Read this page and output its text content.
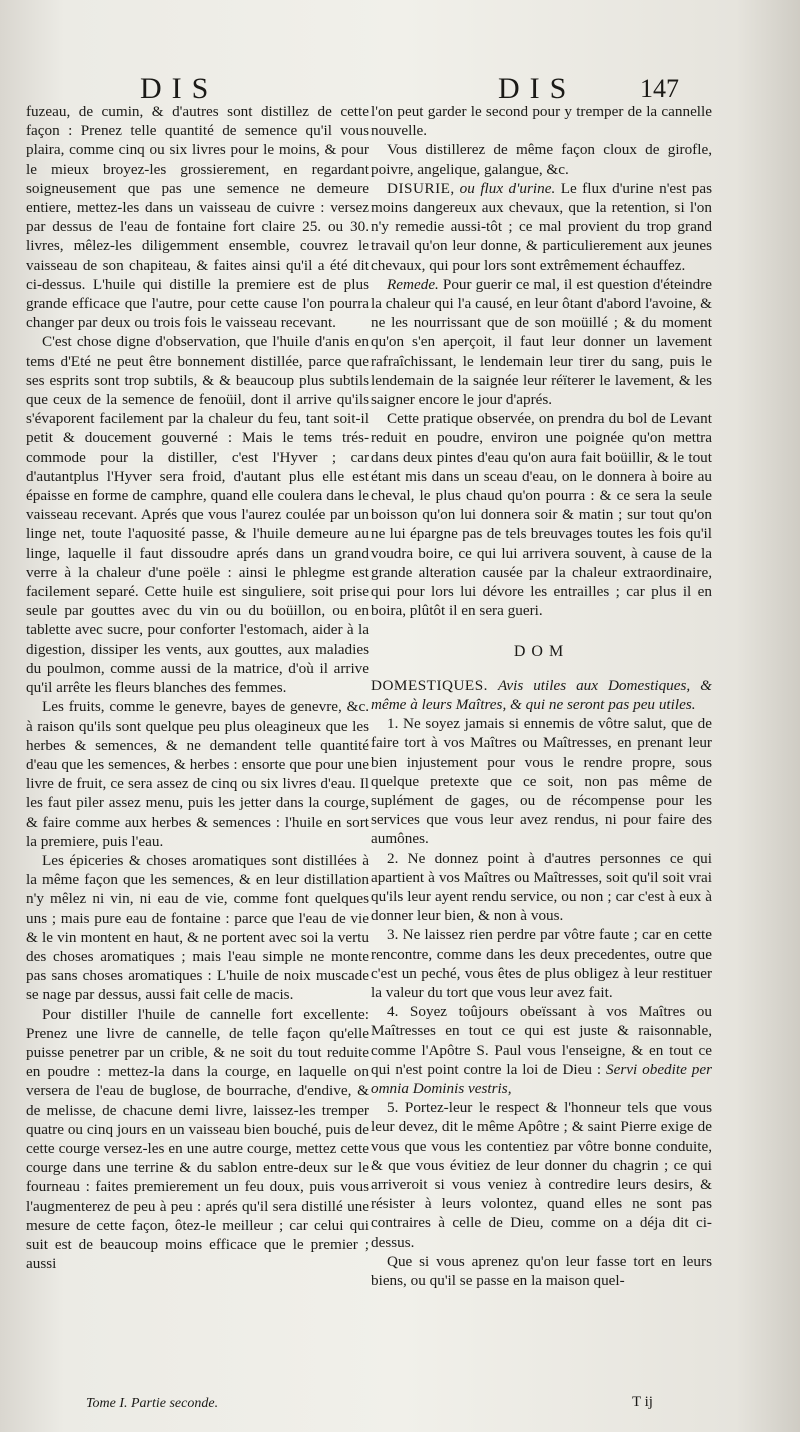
DIS	DIS 147

fuzeau, de cumin, & d'autres sont distillez de cette façon : Prenez telle quantité de semence qu'il vous plaira, comme cinq ou six livres pour le moins, & pour le mieux broyez-les grossierement, en regardant soigneusement que pas une semence ne demeure entiere, mettez-les dans un vaisseau de cuivre : versez par dessus de l'eau de fontaine fort claire 25. ou 30. livres, mêlez-les diligemment ensemble, couvrez le vaisseau de son chapiteau, & faites ainsi qu'il a été dit ci-dessus. L'huile qui distille la premiere est de plus grande efficace que l'autre, pour cette cause l'on pourra changer par deux ou trois fois le vaisseau recevant.

C'est chose digne d'observation, que l'huile d'anis en tems d'Eté ne peut être bonnement distillée, parce que ses esprits sont trop subtils, & & beaucoup plus subtils que ceux de la semence de fenoüil, dont il arrive qu'ils s'évaporent facilement par la chaleur du feu, tant soit-il petit & doucement gouverné : Mais le tems trés-commode pour la distiller, c'est l'Hyver ; car d'autantplus l'Hyver sera froid, d'autant plus elle est épaisse en forme de camphre, quand elle coulera dans le vaisseau recevant. Aprés que vous l'aurez coulée par un linge net, toute l'aquosité passe, & l'huile demeure au linge, laquelle il faut dissoudre aprés dans un grand verre à la chaleur d'une poële : ainsi le phlegme est facilement separé. Cette huile est singuliere, soit prise seule par gouttes avec du vin ou du boüillon, ou en tablette avec sucre, pour conforter l'estomach, aider à la digestion, dissiper les vents, aux gouttes, aux maladies du poulmon, comme aussi de la matrice, d'où il arrive qu'il arrête les fleurs blanches des femmes.

Les fruits, comme le genevre, bayes de genevre, &c. à raison qu'ils sont quelque peu plus oleagineux que les herbes & semences, & ne demandent telle quantité d'eau que les semences, & herbes : ensorte que pour une livre de fruit, ce sera assez de cinq ou six livres d'eau. Il les faut piler assez menu, puis les jetter dans la courge, & faire comme aux herbes & semences : l'huile en sort la premiere, puis l'eau.

Les épiceries & choses aromatiques sont distillées à la même façon que les semences, & en leur distillation n'y mêlez ni vin, ni eau de vie, comme font quelques uns ; mais pure eau de fontaine : parce que l'eau de vie & le vin montent en haut, & ne portent avec soi la vertu des choses aromatiques ; mais l'eau simple ne monte pas sans choses aromatiques : L'huile de noix muscade se nage par dessus, aussi fait celle de macis.

Pour distiller l'huile de cannelle fort excellente: Prenez une livre de cannelle, de telle façon qu'elle puisse penetrer par un crible, & ne soit du tout reduite en poudre : mettez-la dans la courge, en laquelle on versera de l'eau de buglose, de bourrache, d'endive, & de melisse, de chacune demi livre, laissez-les tremper quatre ou cinq jours en un vaisseau bien bouché, puis de cette courge versez-les en une autre courge, mettez cette courge dans une terrine & du sablon entre-deux sur le fourneau : faites premierement un feu doux, puis vous l'augmenterez de peu à peu : aprés qu'il sera distillé une mesure de cette façon, ôtez-le meilleur ; car celui qui suit est de beaucoup moins efficace que le premier ; aussi

l'on peut garder le second pour y tremper de la cannelle nouvelle.

Vous distillerez de même façon cloux de girofle, poivre, angelique, galangue, &c.

DISURIE, ou flux d'urine. Le flux d'urine n'est pas moins dangereux aux chevaux, que la retention, si l'on n'y remedie aussi-tôt ; ce mal provient du trop grand travail qu'on leur donne, & particulierement aux jeunes chevaux, qui pour lors sont extrêmement échauffez.

Remede. Pour guerir ce mal, il est question d'éteindre la chaleur qui l'a causé, en leur ôtant d'abord l'avoine, & ne les nourrissant que de son moüillé ; & du moment qu'on s'en aperçoit, il faut leur donner un lavement rafraîchissant, le lendemain leur tirer du sang, puis le lendemain de la saignée leur réïterer le lavement, & les saigner encore le jour d'aprés.

Cette pratique observée, on prendra du bol de Levant reduit en poudre, environ une poignée qu'on mettra dans deux pintes d'eau qu'on aura fait boüillir, & le tout étant mis dans un sceau d'eau, on le donnera à boire au cheval, le plus chaud qu'on pourra : & ce sera la seule boisson qu'on lui donnera soir & matin ; sur tout qu'on ne lui épargne pas de tels breuvages toutes les fois qu'il voudra boire, ce qui lui arrivera souvent, à cause de la grande alteration causée par la chaleur extraordinaire, qui pour lors lui dévore les entrailles ; car plus il en boira, plûtôt il en sera gueri.

DOM

DOMESTIQUES. Avis utiles aux Domestiques, & même à leurs Maîtres, & qui ne seront pas peu utiles.

1. Ne soyez jamais si ennemis de vôtre salut, que de faire tort à vos Maîtres ou Maîtresses, en prenant leur bien injustement pour vous le rendre propre, sous quelque pretexte que ce soit, non pas même de suplément de gages, ou de récompense pour les services que vous leur avez rendus, ni pour faire des aumônes.

2. Ne donnez point à d'autres personnes ce qui apartient à vos Maîtres ou Maîtresses, soit qu'il soit vrai qu'ils leur ayent rendu service, ou non ; car c'est à eux à donner leur bien, & non à vous.

3. Ne laissez rien perdre par vôtre faute ; car en cette rencontre, comme dans les deux precedentes, outre que c'est un peché, vous êtes de plus obligez à leur restituer la valeur du tort que vous leur avez fait.

4. Soyez toûjours obeïssant à vos Maîtres ou Maîtresses en tout ce qui est juste & raisonnable, comme l'Apôtre S. Paul vous l'enseigne, & en tout ce qui n'est point contre la loi de Dieu : Servi obedite per omnia Dominis vestris,

5. Portez-leur le respect & l'honneur tels que vous leur devez, dit le même Apôtre ; & saint Pierre exige de vous que vous les contentiez par vôtre bonne conduite, & que vous évitiez de leur donner du chagrin ; ce qui arriveroit si vous veniez à contredire leurs desirs, & résister à leurs volontez, quand elles ne sont pas contraires à celle de Dieu, comme on a déja dit ci-dessus.

Que si vous aprenez qu'on leur fasse tort en leurs biens, ou qu'il se passe en la maison quel-

Tome I. Partie seconde.	T ij
